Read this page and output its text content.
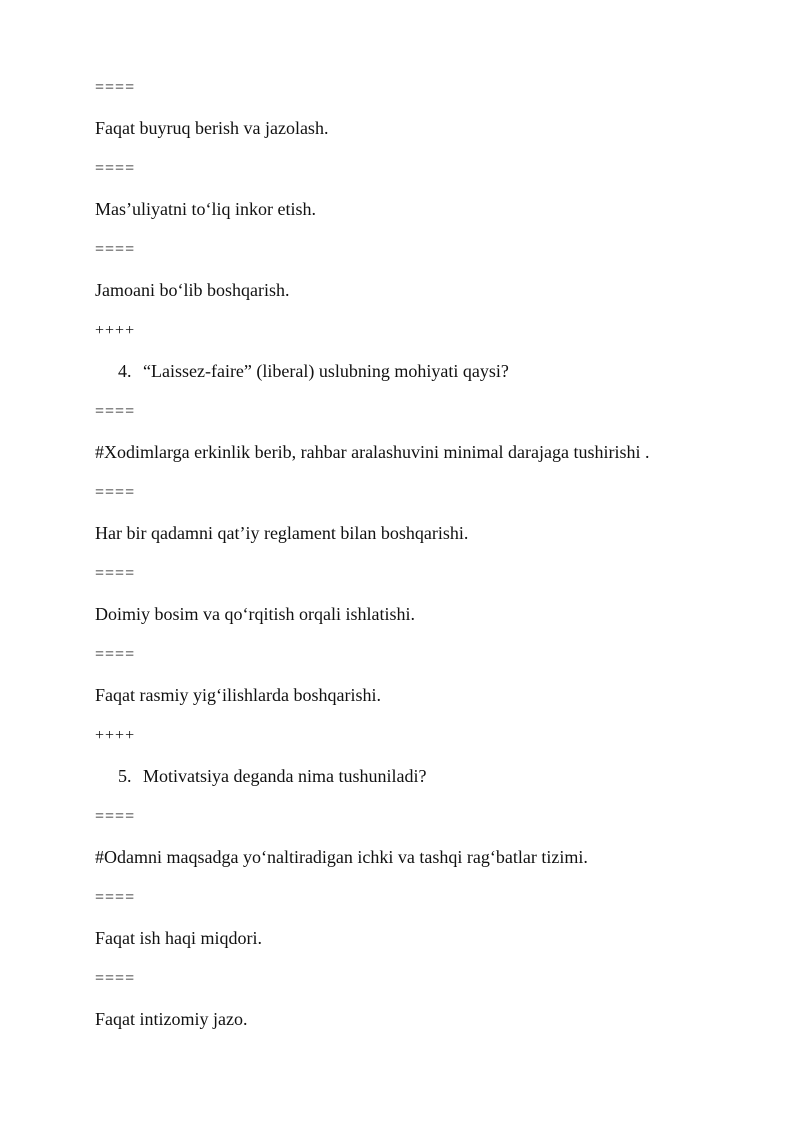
====
Faqat buyruq berish va jazolash.
====
Mas’uliyatni to‘liq inkor etish.
====
Jamoani bo‘lib boshqarish.
++++
4. “Laissez-faire” (liberal) uslubning mohiyati qaysi?
====
#Xodimlarga erkinlik berib, rahbar aralashuvini minimal darajaga tushirishi .
====
Har bir qadamni qat’iy reglament bilan boshqarishi.
====
Doimiy bosim va qo‘rqitish orqali ishlatishi.
====
Faqat rasmiy yig‘ilishlarda boshqarishi.
++++
5. Motivatsiya deganda nima tushuniladi?
====
#Odamni maqsadga yo‘naltiradigan ichki va tashqi rag‘batlar tizimi.
====
Faqat ish haqi miqdori.
====
Faqat intizomiy jazo.
